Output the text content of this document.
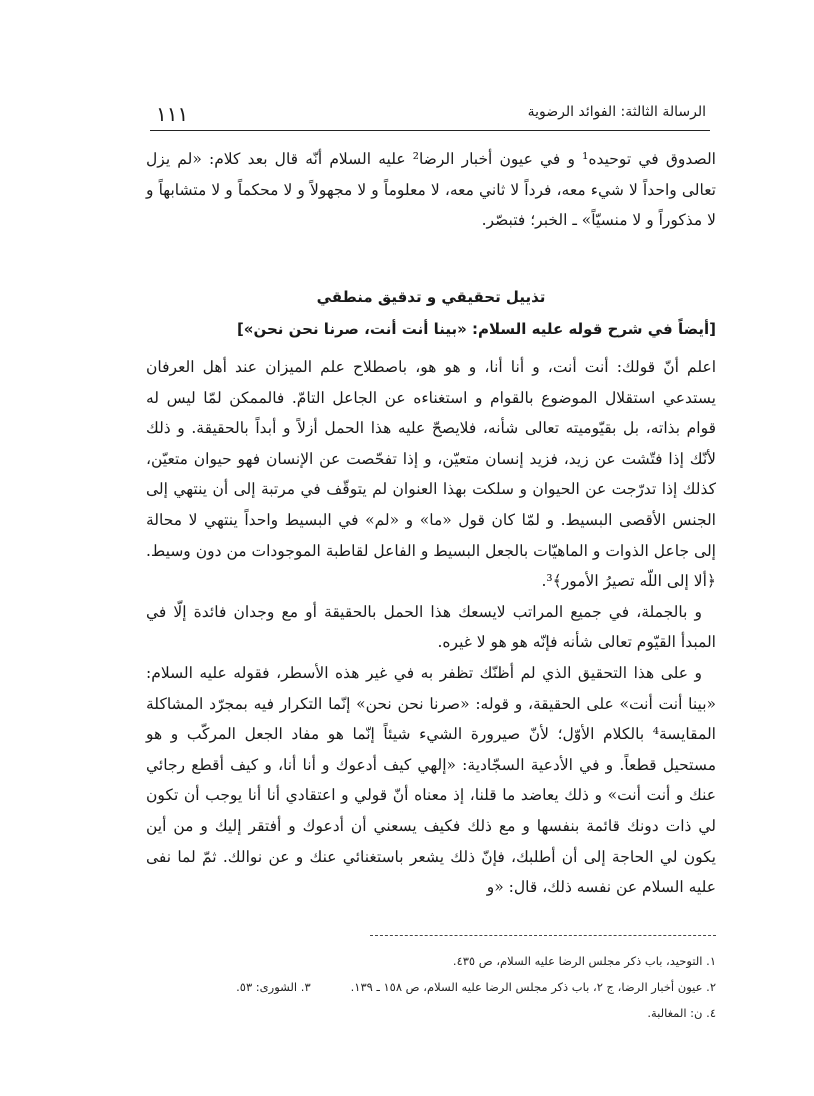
١١١	الرسالة الثالثة: الفوائد الرضوية

الصدوق في توحيده¹ و في عيون أخبار الرضا² عليه السلام أنّه قال بعد كلام: «لم يزل تعالى واحداً لا شيء معه، فرداً لا ثاني معه، لا معلوماً و لا مجهولاً و لا محكماً و لا متشابهاً و لا مذكوراً و لا منسيّاً» ـ الخبر؛ فتبصّر.

تذييل تحقيقي و تدقيق منطقي
[أيضاً في شرح قوله عليه السلام: «بينا أنت أنت، صرنا نحن نحن»]

اعلم أنّ قولك: أنت أنت، و أنا أنا، و هو هو، باصطلاح علم الميزان عند أهل العرفان يستدعي استقلال الموضوع بالقوام و استغناءه عن الجاعل التامّ. فالممكن لمّا ليس له قوام بذاته، بل بقيّوميته تعالى شأنه، فلايصحّ عليه هذا الحمل أزلاً و أبداً بالحقيقة. و ذلك لأنّك إذا فتّشت عن زيد، فزيد إنسان متعيّن، و إذا تفحّصت عن الإنسان فهو حيوان متعيّن، كذلك إذا تدرّجت عن الحيوان و سلكت بهذا العنوان لم يتوقّف في مرتبة إلى أن ينتهي إلى الجنس الأقصى البسيط. و لمّا كان قول «ما» و «لم» في البسيط واحداً ينتهي لا محالة إلى جاعل الذوات و الماهيّات بالجعل البسيط و الفاعل لقاطبة الموجودات من دون وسيط. ﴿ألا إلى اللّه تصيرُ الأمور﴾³.

و بالجملة، في جميع المراتب لايسعك هذا الحمل بالحقيقة أو مع وجدان فائدة إلّا في المبدأ القيّوم تعالى شأنه فإنّه هو هو لا غيره.

و على هذا التحقيق الذي لم أظنّك تظفر به في غير هذه الأسطر، فقوله عليه السلام: «بينا أنت أنت» على الحقيقة، و قوله: «صرنا نحن نحن» إنّما التكرار فيه بمجرّد المشاكلة المقايسة⁴ بالكلام الأوّل؛ لأنّ صيرورة الشيء شيئاً إنّما هو مفاد الجعل المركّب و هو مستحيل قطعاً. و في الأدعية السجّادية: «إلهي كيف أدعوك و أنا أنا، و كيف أقطع رجائي عنك و أنت أنت» و ذلك يعاضد ما قلنا، إذ معناه أنّ قولي و اعتقادي أنا أنا يوجب أن تكون لي ذات دونك قائمة بنفسها و مع ذلك فكيف يسعني أن أدعوك و أفتقر إليك و من أين يكون لي الحاجة إلى أن أطلبك، فإنّ ذلك يشعر باستغنائي عنك و عن نوالك. ثمّ لما نفى عليه السلام عن نفسه ذلك، قال: «و

١. التوحيد، باب ذكر مجلس الرضا عليه السلام، ص ٤٣٥.
٢. عيون أخبار الرضا، ج ٢، باب ذكر مجلس الرضا عليه السلام، ص ١٥٨ ـ ١٣٩.
٣. الشورى: ٥٣.
٤. ن: المغالبة.
